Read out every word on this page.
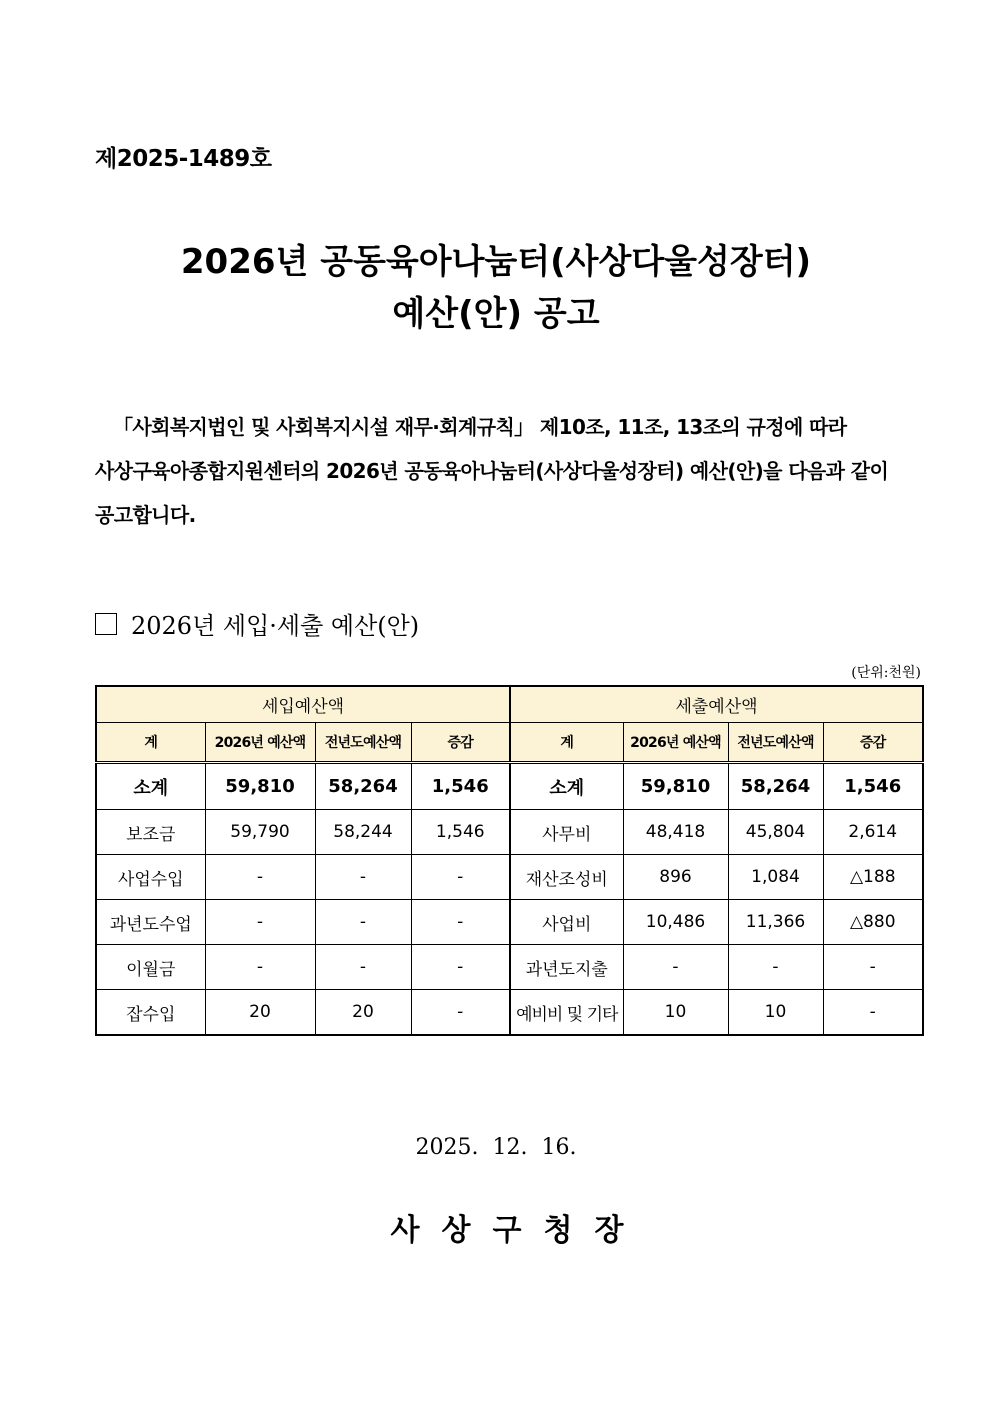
제2025-1489호
2026년 공동육아나눔터(사상다울성장터)
예산(안) 공고
「사회복지법인 및 사회복지시설 재무·회계규칙」 제10조, 11조, 13조의 규정에 따라
사상구육아종합지원센터의 2026년 공동육아나눔터(사상다울성장터) 예산(안)을 다음과 같이
공고합니다.
2026년 세입·세출 예산(안)
(단위:천원)
세입예산액				세출예산액			
계	2026년 예산액	전년도예산액	증감	계	2026년 예산액	전년도예산액	증감
소계	59,810	58,264	1,546	소계	59,810	58,264	1,546
보조금	59,790	58,244	1,546	사무비	48,418	45,804	2,614
사업수입	-	-	-	재산조성비	896	1,084	△188
과년도수업	-	-	-	사업비	10,486	11,366	△880
이월금	-	-	-	과년도지출	-	-	-
잡수입	20	20	-	예비비 및 기타	10	10	-
2025.  12.  16.
사상구청장
